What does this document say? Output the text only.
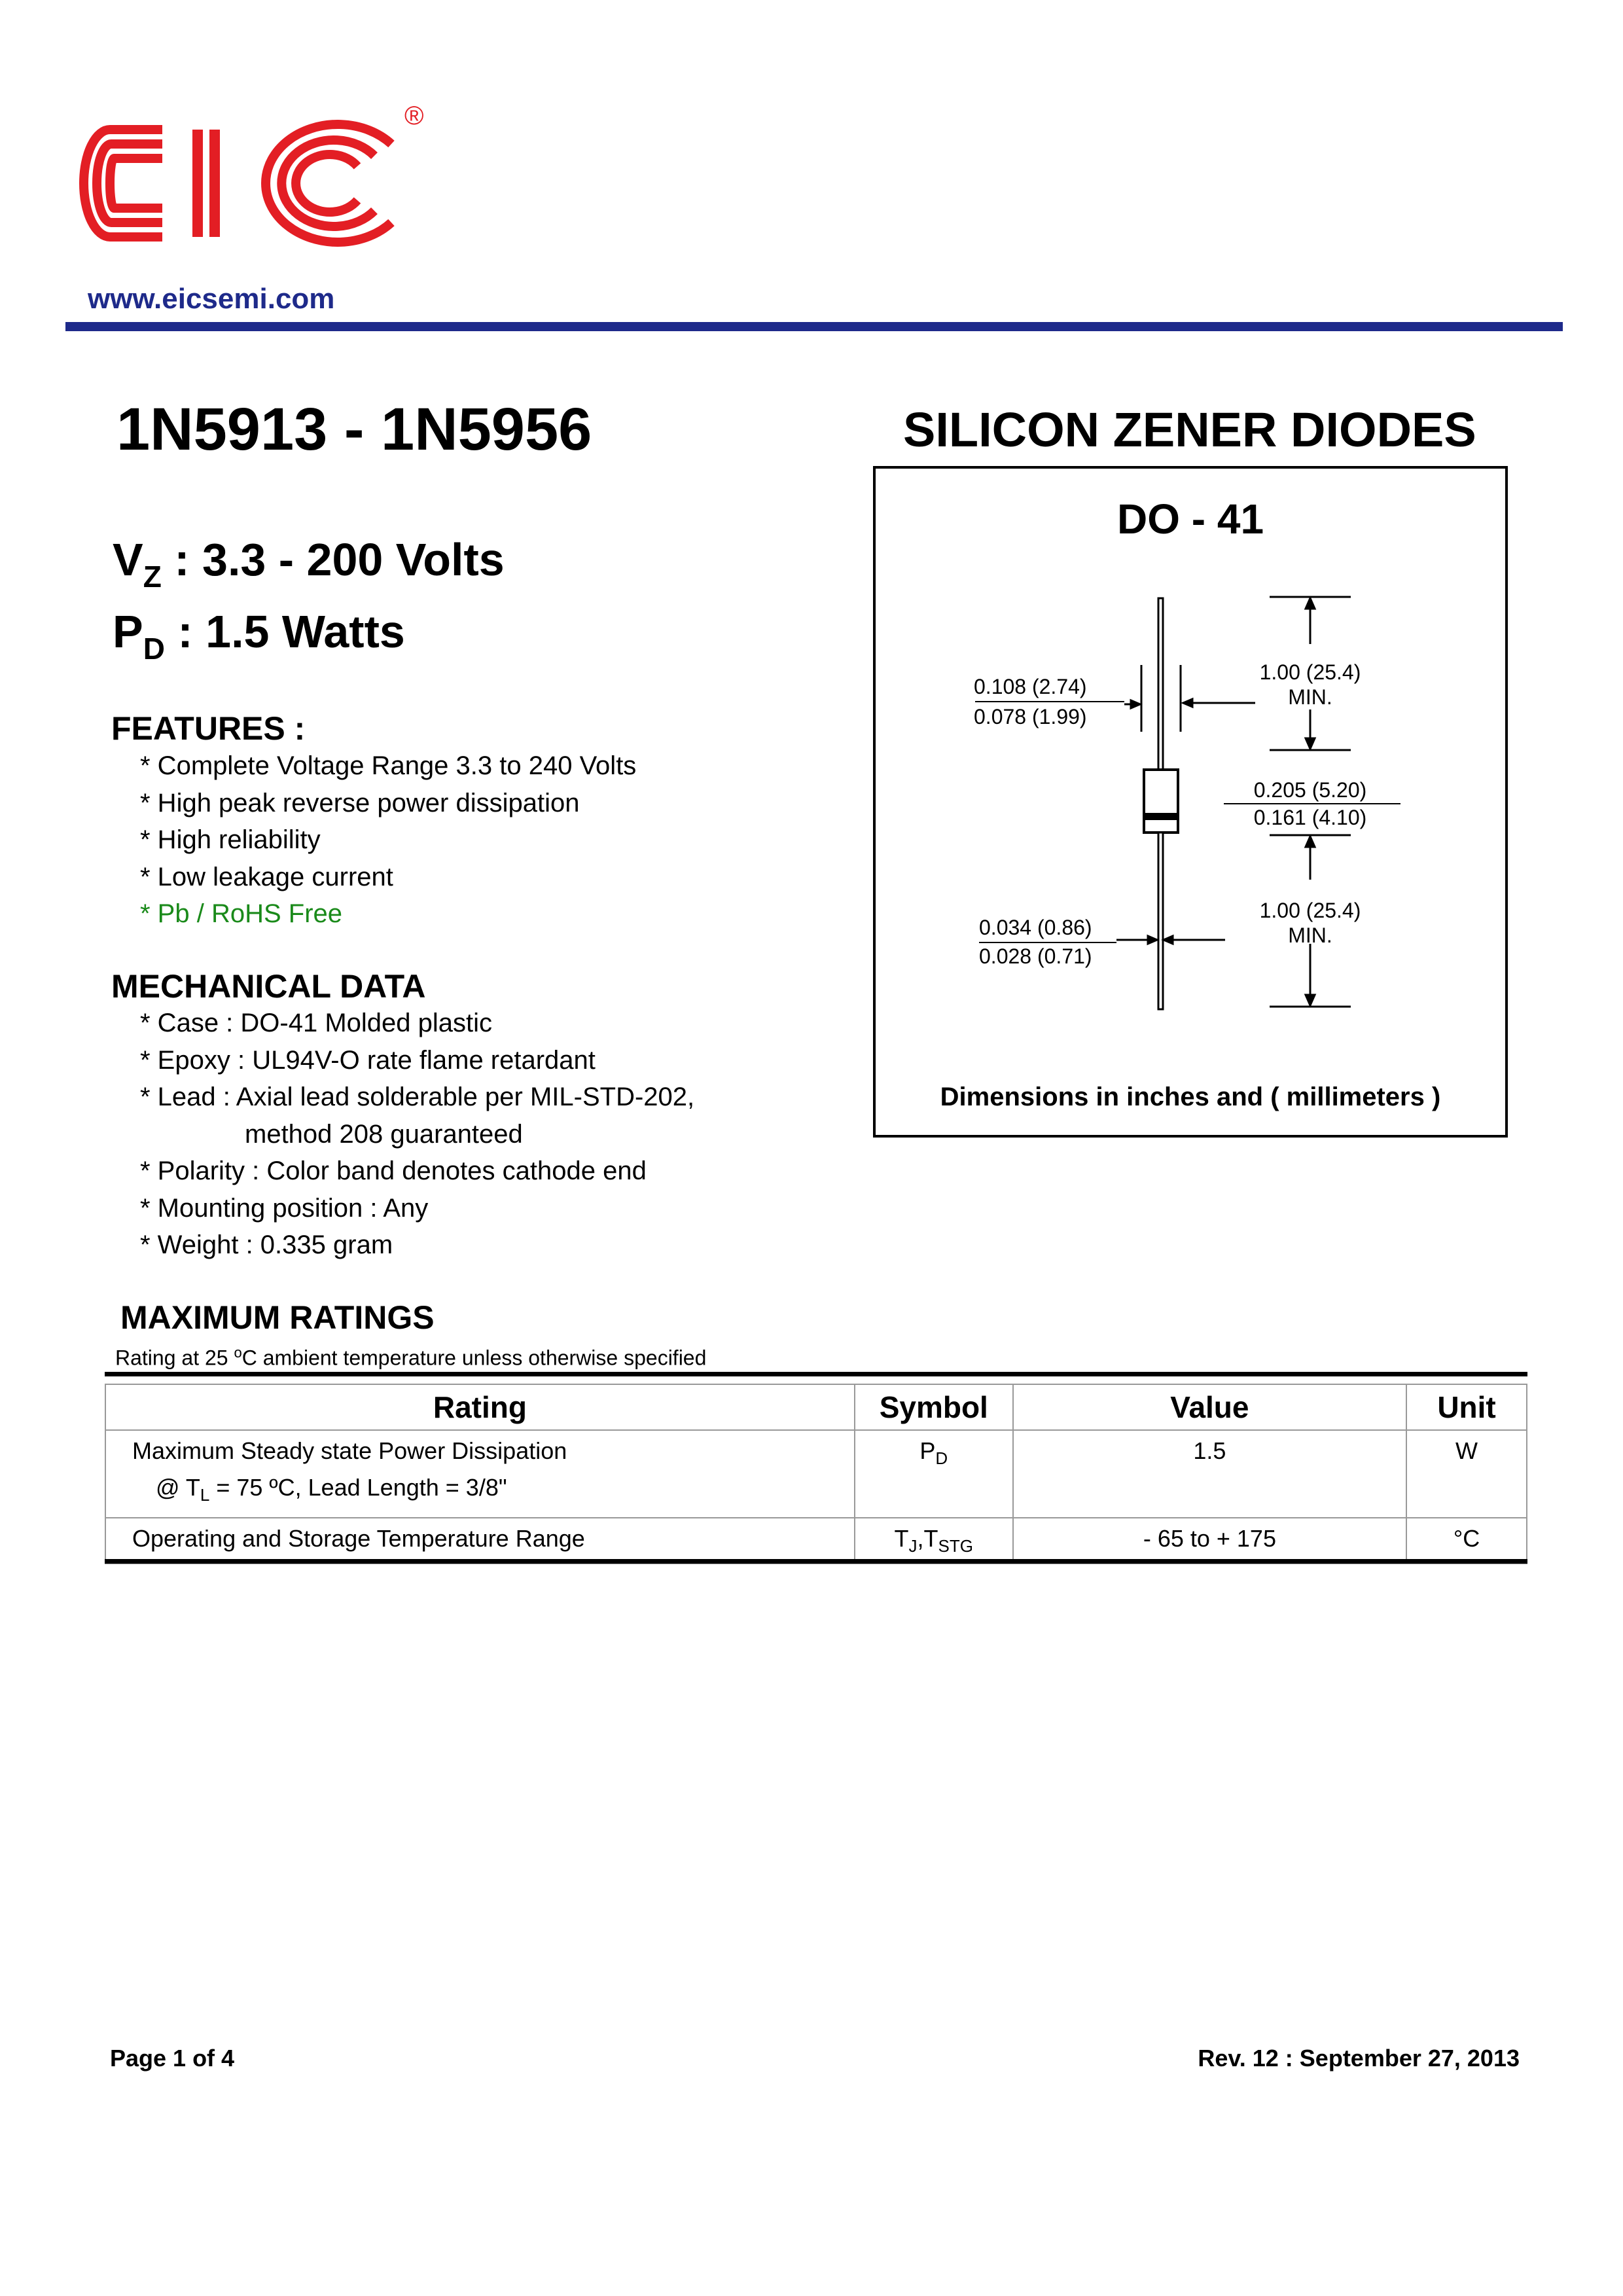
®
www.eicsemi.com
1N5913 - 1N5956	SILICON ZENER DIODES
$V_Z$ : 3.3 - 200 Volts
$P_D$ : 1.5 Watts
FEATURES :
* Complete Voltage Range 3.3 to 240 Volts
* High peak reverse power dissipation
* High reliability
* Low leakage current
* Pb / RoHS Free
MECHANICAL DATA
* Case : DO-41 Molded plastic
* Epoxy : UL94V-O rate flame retardant
* Lead : Axial lead solderable per MIL-STD-202,
method 208 guaranteed
* Polarity : Color band denotes cathode end
* Mounting position : Any
* Weight : 0.335 gram
0.108 (2.74)
0.078 (1.99)
1.00 (25.4)
MIN.
0.205 (5.20)
0.161 (4.10)
1.00 (25.4)
MIN.
0.034 (0.86)
0.028 (0.71)
DO - 41
Dimensions in inches and ( millimeters )
MAXIMUM RATINGS
Rating at 25 $^o$C ambient temperature unless otherwise specified
Rating	Symbol	Value	Unit
Maximum Steady state Power Dissipation
@ $T_L = 75$ ºC, Lead Length = 3/8"	$P_D$	1.5	W
Operating and Storage Temperature Range	$T_J,T_{STG}$	- 65 to + 175	°C
Page 1 of 4	Rev. 12 : September 27, 2013
